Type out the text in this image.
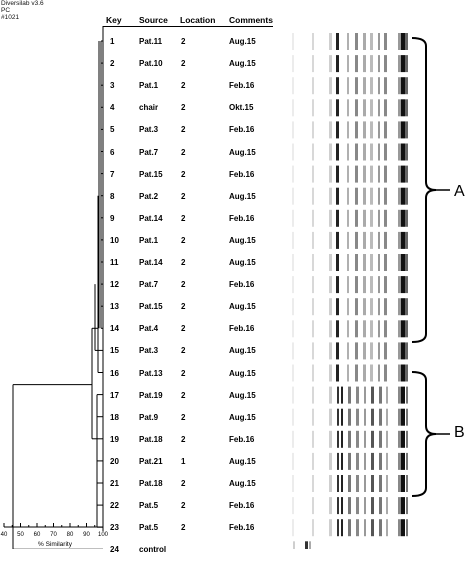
Diversilab v3.6
PC
#1021	Key Source Location Comments
1	Pat.11 2	Aug.15
2	Pat.10 2	Aug.15
3	Pat.1	2	Feb.16
4	chair	2	Okt.15
5	Pat.3	2	Feb.16
6	Pat.7	2	Aug.15
7	Pat.15 2	Feb.16
8	Pat.2	2	Aug.15
9	Pat.14 2	Feb.16
10	Pat.1	2	Aug.15
11	Pat.14 2	Aug.15
12	Pat.7	2	Feb.16
13	Pat.15 2	Aug.15
14	Pat.4	2	Feb.16
15	Pat.3	2	Aug.15
16	Pat.13 2	Aug.15
17	Pat.19 2	Aug.15
18	Pat.9	2	Aug.15
19	Pat.18 2	Feb.16
20	Pat.21 1	Aug.15
21	Pat.18 2	Aug.15
22	Pat.5	2	Feb.16
23	Pat.5	2	Feb.16
24	control
A
B
% Similarity
40 50 60 70 80 90 100
